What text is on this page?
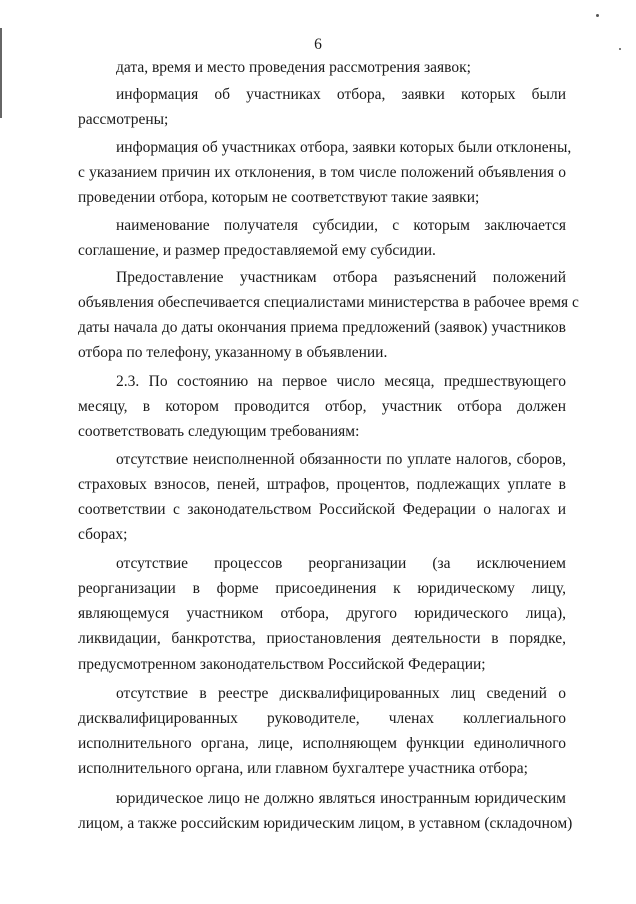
6
дата, время и место проведения рассмотрения заявок;
информация об участниках отбора, заявки которых были
рассмотрены;
информация об участниках отбора, заявки которых были отклонены,
с указанием причин их отклонения, в том числе положений объявления о
проведении отбора, которым не соответствуют такие заявки;
наименование получателя субсидии, с которым заключается
соглашение, и размер предоставляемой ему субсидии.
Предоставление участникам отбора разъяснений положений
объявления обеспечивается специалистами министерства в рабочее время с
даты начала до даты окончания приема предложений (заявок) участников
отбора по телефону, указанному в объявлении.
2.3. По состоянию на первое число месяца, предшествующего
месяцу, в котором проводится отбор, участник отбора должен
соответствовать следующим требованиям:
отсутствие неисполненной обязанности по уплате налогов, сборов,
страховых взносов, пеней, штрафов, процентов, подлежащих уплате в
соответствии с законодательством Российской Федерации о налогах и
сборах;
отсутствие процессов реорганизации (за исключением
реорганизации в форме присоединения к юридическому лицу,
являющемуся участником отбора, другого юридического лица),
ликвидации, банкротства, приостановления деятельности в порядке,
предусмотренном законодательством Российской Федерации;
отсутствие в реестре дисквалифицированных лиц сведений о
дисквалифицированных руководителе, членах коллегиального
исполнительного органа, лице, исполняющем функции единоличного
исполнительного органа, или главном бухгалтере участника отбора;
юридическое лицо не должно являться иностранным юридическим
лицом, а также российским юридическим лицом, в уставном (складочном)
